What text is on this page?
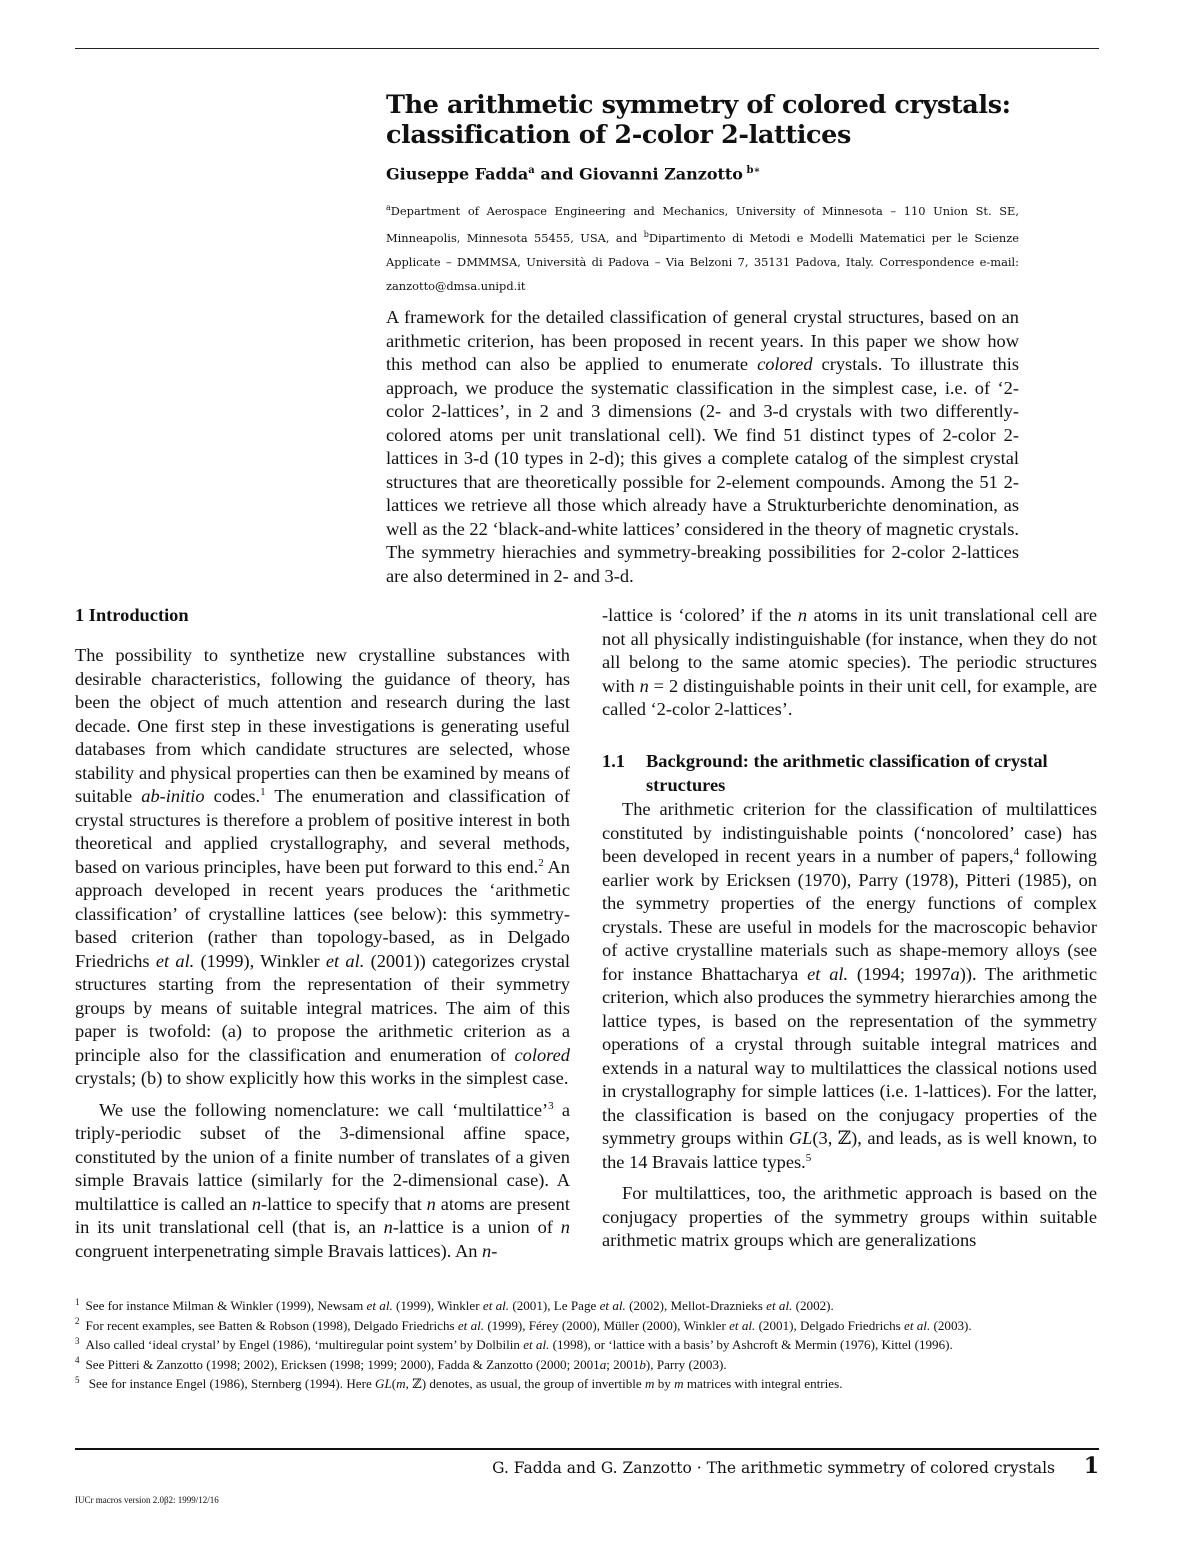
The arithmetic symmetry of colored crystals:
classification of 2-color 2-lattices
Giuseppe Fadda$^a$ and Giovanni Zanzotto $^{b∗}$
$^a$Department of Aerospace Engineering and Mechanics, University of Minnesota – 110 Union St. SE, Minneapolis, Minnesota 55455, USA, and $^b$Dipartimento di Metodi e Modelli Matematici per le Scienze Applicate – DMMMSA, Università di Padova – Via Belzoni 7, 35131 Padova, Italy. Correspondence e-mail: zanzotto@dmsa.unipd.it
A framework for the detailed classification of general crystal structures, based on an arithmetic criterion, has been proposed in recent years. In this paper we show how this method can also be applied to enumerate colored crystals. To illustrate this approach, we produce the systematic classification in the simplest case, i.e. of ‘2-color 2-lattices’, in 2 and 3 dimensions (2- and 3-d crystals with two differently-colored atoms per unit translational cell). We find 51 distinct types of 2-color 2-lattices in 3-d (10 types in 2-d); this gives a complete catalog of the simplest crystal structures that are theoretically possible for 2-element compounds. Among the 51 2-lattices we retrieve all those which already have a Strukturberichte denomination, as well as the 22 ‘black-and-white lattices’ considered in the theory of magnetic crystals. The symmetry hierachies and symmetry-breaking possibilities for 2-color 2-lattices are also determined in 2- and 3-d.
1 Introduction

The possibility to synthetize new crystalline substances with desirable characteristics, following the guidance of theory, has been the object of much attention and research during the last decade. One first step in these investigations is generating useful databases from which candidate structures are selected, whose stability and physical properties can then be examined by means of suitable ab-initio codes.$^1$ The enumeration and classification of crystal structures is therefore a problem of positive interest in both theoretical and applied crystallography, and several methods, based on various principles, have been put forward to this end.$^2$ An approach developed in recent years produces the ‘arithmetic classification’ of crystalline lattices (see below): this symmetry-based criterion (rather than topology-based, as in Delgado Friedrichs et al. (1999), Winkler et al. (2001)) categorizes crystal structures starting from the representation of their symmetry groups by means of suitable integral matrices. The aim of this paper is twofold: (a) to propose the arithmetic criterion as a principle also for the classification and enumeration of colored crystals; (b) to show explicitly how this works in the simplest case.

We use the following nomenclature: we call ‘multilattice’$^3$ a triply-periodic subset of the 3-dimensional affine space, constituted by the union of a finite number of translates of a given simple Bravais lattice (similarly for the 2-dimensional case). A multilattice is called an n-lattice to specify that n atoms are present in its unit translational cell (that is, an n-lattice is a union of n congruent interpenetrating simple Bravais lattices). An n-

-lattice is ‘colored’ if the n atoms in its unit translational cell are not all physically indistinguishable (for instance, when they do not all belong to the same atomic species). The periodic structures with n = 2 distinguishable points in their unit cell, for example, are called ‘2-color 2-lattices’.

1.1 Background: the arithmetic classification of crystal
structures

The arithmetic criterion for the classification of multilattices constituted by indistinguishable points (‘noncolored’ case) has been developed in recent years in a number of papers,$^4$ following earlier work by Ericksen (1970), Parry (1978), Pitteri (1985), on the symmetry properties of the energy functions of complex crystals. These are useful in models for the macroscopic behavior of active crystalline materials such as shape-memory alloys (see for instance Bhattacharya et al. (1994; 1997a)). The arithmetic criterion, which also produces the symmetry hierarchies among the lattice types, is based on the representation of the symmetry operations of a crystal through suitable integral matrices and extends in a natural way to multilattices the classical notions used in crystallography for simple lattices (i.e. 1-lattices). For the latter, the classification is based on the conjugacy properties of the symmetry groups within GL(3, ℤ), and leads, as is well known, to the 14 Bravais lattice types.$^5$

For multilattices, too, the arithmetic approach is based on the conjugacy properties of the symmetry groups within suitable arithmetic matrix groups which are generalizations

$^1$ See for instance Milman & Winkler (1999), Newsam et al. (1999), Winkler et al. (2001), Le Page et al. (2002), Mellot-Draznieks et al. (2002).
$^2$ For recent examples, see Batten & Robson (1998), Delgado Friedrichs et al. (1999), Férey (2000), Müller (2000), Winkler et al. (2001), Delgado Friedrichs et al. (2003).
$^3$ Also called ‘ideal crystal’ by Engel (1986), ‘multiregular point system’ by Dolbilin et al. (1998), or ‘lattice with a basis’ by Ashcroft & Mermin (1976), Kittel (1996).
$^4$ See Pitteri & Zanzotto (1998; 2002), Ericksen (1998; 1999; 2000), Fadda & Zanzotto (2000; 2001a; 2001b), Parry (2003).
$^5$ See for instance Engel (1986), Sternberg (1994). Here GL(m, ℤ) denotes, as usual, the group of invertible m by m matrices with integral entries.
G. Fadda and G. Zanzotto · The arithmetic symmetry of colored crystals 1
IUCr macros version 2.0β2: 1999/12/16
